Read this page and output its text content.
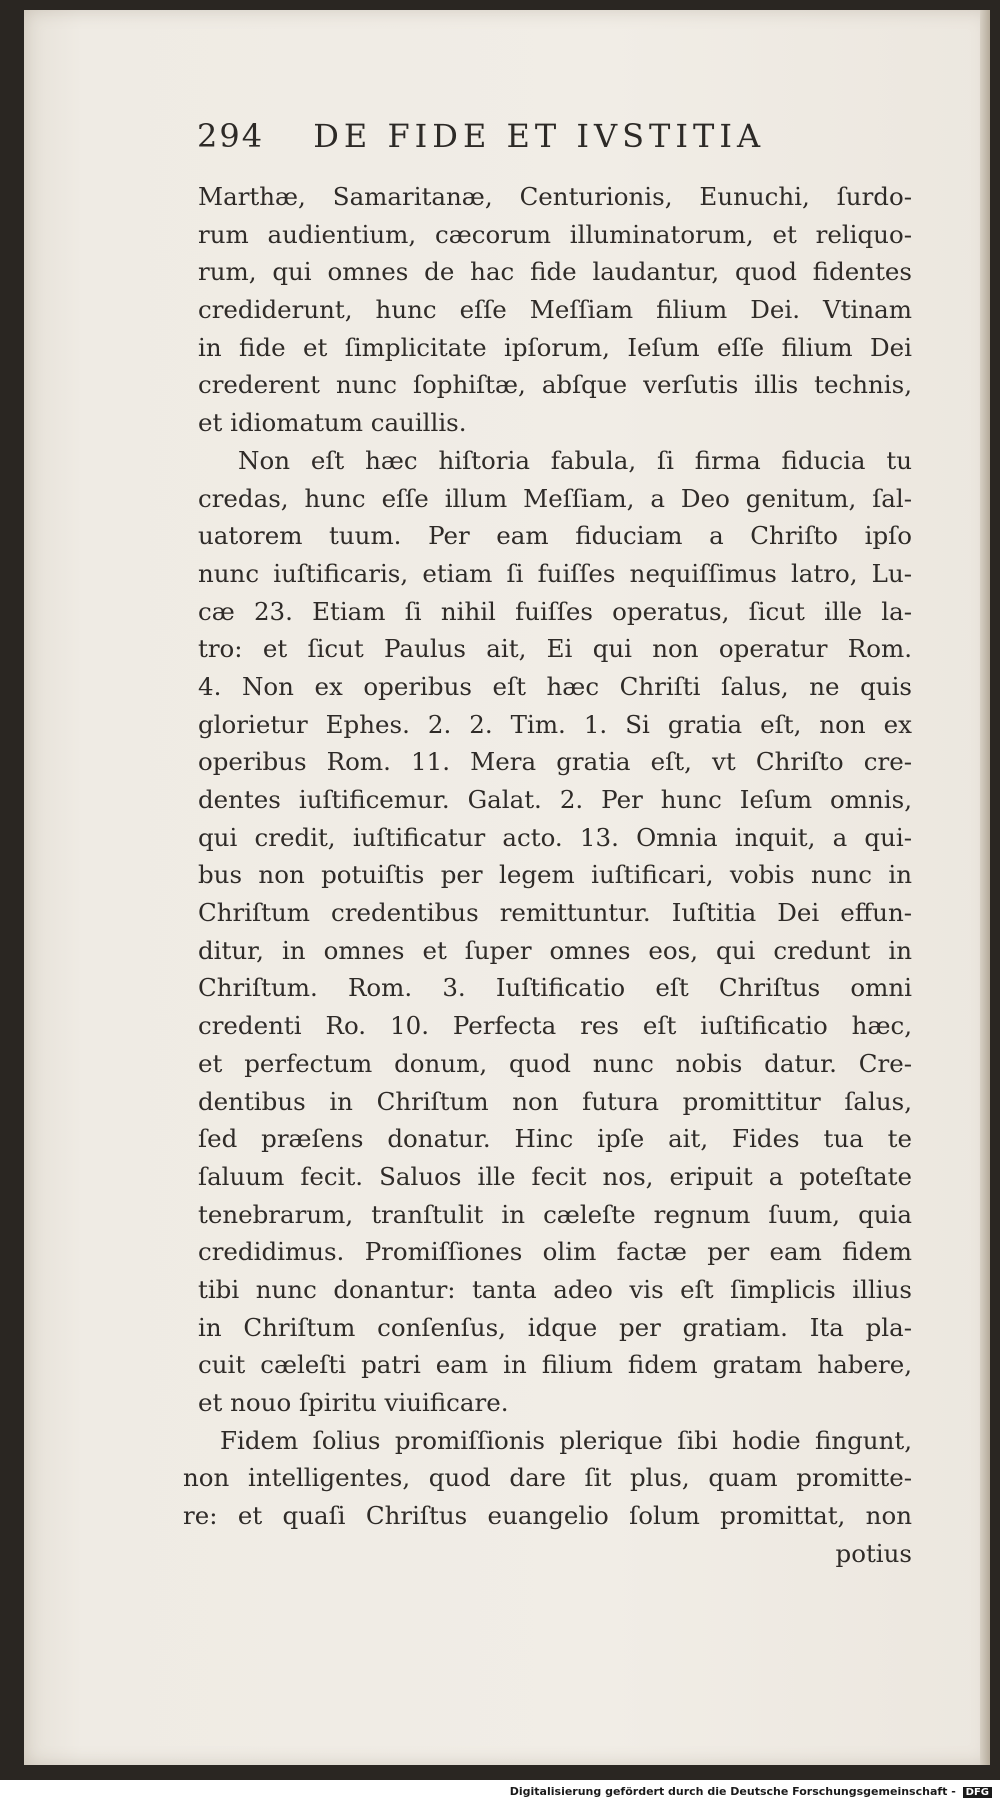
294 DE FIDE ET IVSTITIA
Marthæ, Samaritanæ, Centurionis, Eunuchi, ſurdo-
rum audientium, cæcorum illuminatorum, et reliquo-
rum, qui omnes de hac fide laudantur, quod fidentes
crediderunt, hunc eſſe Meſſiam filium Dei. Vtinam
in fide et ſimplicitate ipſorum, Ieſum eſſe filium Dei
crederent nunc ſophiſtæ, abſque verſutis illis technis,
et idiomatum cauillis.
Non eſt hæc hiſtoria fabula, ſi firma fiducia tu
credas, hunc eſſe illum Meſſiam, a Deo genitum, ſal-
uatorem tuum. Per eam fiduciam a Chriſto ipſo
nunc iuſtificaris, etiam ſi fuiſſes nequiſſimus latro, Lu-
cæ 23. Etiam ſi nihil fuiſſes operatus, ſicut ille la-
tro: et ſicut Paulus ait, Ei qui non operatur Rom.
4. Non ex operibus eſt hæc Chriſti ſalus, ne quis
glorietur Ephes. 2. 2. Tim. 1. Si gratia eſt, non ex
operibus Rom. 11. Mera gratia eſt, vt Chriſto cre-
dentes iuſtificemur. Galat. 2. Per hunc Ieſum omnis,
qui credit, iuſtificatur acto. 13. Omnia inquit, a qui-
bus non potuiſtis per legem iuſtificari, vobis nunc in
Chriſtum credentibus remittuntur. Iuſtitia Dei effun-
ditur, in omnes et ſuper omnes eos, qui credunt in
Chriſtum. Rom. 3. Iuſtificatio eſt Chriſtus omni
credenti Ro. 10. Perfecta res eſt iuſtificatio hæc,
et perfectum donum, quod nunc nobis datur. Cre-
dentibus in Chriſtum non futura promittitur ſalus,
ſed præſens donatur. Hinc ipſe ait, Fides tua te
ſaluum fecit. Saluos ille fecit nos, eripuit a poteſtate
tenebrarum, tranſtulit in cæleſte regnum ſuum, quia
credidimus. Promiſſiones olim factæ per eam fidem
tibi nunc donantur: tanta adeo vis eſt ſimplicis illius
in Chriſtum conſenſus, idque per gratiam. Ita pla-
cuit cæleſti patri eam in filium fidem gratam habere,
et nouo ſpiritu viuificare.
Fidem ſolius promiſſionis plerique ſibi hodie fingunt,
non intelligentes, quod dare ſit plus, quam promitte-
re: et quaſi Chriſtus euangelio ſolum promittat, non
potius
Digitalisierung gefördert durch die Deutsche Forschungsgemeinschaft - DFG
